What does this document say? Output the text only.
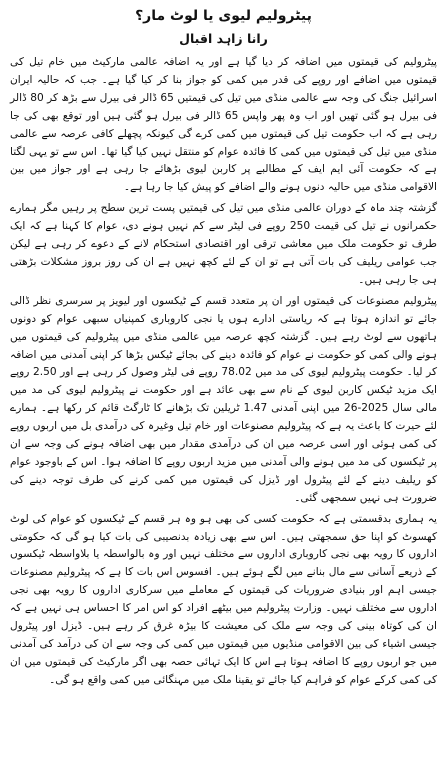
پیٹرولیم لیوی یا لوٹ مار؟
رانا زاہد اقبال

پیٹرولیم کی قیمتوں میں اضافہ کر دیا گیا ہے اور یہ اضافہ عالمی مارکیٹ میں خام تیل کی قیمتوں میں اضافے اور روپے کی قدر میں کمی کو جواز بنا کر کیا گیا ہے۔ جب کہ حالیہ ایران اسرائیل جنگ کی وجہ سے عالمی منڈی میں تیل کی قیمتیں 65 ڈالر فی بیرل سے بڑھ کر 80 ڈالر فی بیرل ہو گئی تھیں اور اب وہ پھر واپس 65 ڈالر فی بیرل ہو گئی ہیں اور توقع بھی کی جا رہی ہے کہ اب حکومت تیل کی قیمتوں میں کمی کرے گی کیونکہ پچھلے کافی عرصہ سے عالمی منڈی میں تیل کی قیمتوں میں کمی کا فائدہ عوام کو منتقل نہیں کیا گیا تھا۔ اس سے تو یہی لگتا ہے کہ حکومت آئی ایم ایف کے مطالبے پر کاربن لیوی بڑھائے جا رہی ہے اور جواز میں بین الاقوامی منڈی میں حالیہ دنوں ہونے والے اضافے کو پیش کیا جا رہا ہے۔

گزشتہ چند ماہ کے دوران عالمی منڈی میں تیل کی قیمتیں پست ترین سطح پر رہیں مگر ہمارے حکمرانوں نے تیل کی قیمت 250 روپے فی لیٹر سے کم نہیں ہونے دی، عوام کا کہنا ہے کہ ایک طرف تو حکومت ملک میں معاشی ترقی اور اقتصادی استحکام لانے کے دعوے کر رہی ہے لیکن جب عوامی ریلیف کی بات آتی ہے تو ان کے لئے کچھ نہیں ہے ان کی روز بروز مشکلات بڑھتی ہی جا رہی ہیں۔

پیٹرولیم مصنوعات کی قیمتوں اور ان پر متعدد قسم کے ٹیکسوں اور لیویز پر سرسری نظر ڈالی جائے تو اندازہ ہوتا ہے کہ ریاستی ادارے ہوں یا نجی کاروباری کمپنیاں سبھی عوام کو دونوں ہاتھوں سے لوٹ رہے ہیں۔ گزشتہ کچھ عرصہ میں عالمی منڈی میں پیٹرولیم کی قیمتوں میں ہونے والی کمی کو حکومت نے عوام کو فائدہ دینے کی بجائے ٹیکس بڑھا کر اپنی آمدنی میں اضافہ کر لیا۔ حکومت پیٹرولیم لیوی کی مد میں 78.02 روپے فی لیٹر وصول کر رہی ہے اور 2.50 روپے ایک مزید ٹیکس کاربن لیوی کے نام سے بھی عائد ہے اور حکومت نے پیٹرولیم لیوی کی مد میں مالی سال 2025-26 میں اپنی آمدنی 1.47 ٹریلین تک بڑھانے کا ٹارگٹ قائم کر رکھا ہے۔ ہمارے لئے حیرت کا باعث یہ ہے کہ پیٹرولیم مصنوعات اور خام تیل وغیرہ کی درآمدی بل میں اربوں روپے کی کمی ہوئی اور اسی عرصہ میں ان کی درآمدی مقدار میں بھی اضافہ ہونے کی وجہ سے ان پر ٹیکسوں کی مد میں ہونے والی آمدنی میں مزید اربوں روپے کا اضافہ ہوا۔ اس کے باوجود عوام کو ریلیف دینے کے لئے پیٹرول اور ڈیزل کی قیمتوں میں کمی کرنے کی طرف توجہ دینے کی ضرورت ہی نہیں سمجھی گئی۔

یہ ہماری بدقسمتی ہے کہ حکومت کسی کی بھی ہو وہ ہر قسم کے ٹیکسوں کو عوام کی لوٹ کھسوٹ کو اپنا حق سمجھتی ہیں۔ اس سے بھی زیادہ بدنصیبی کی بات کیا ہو گی کہ حکومتی اداروں کا رویہ بھی نجی کاروباری اداروں سے مختلف نہیں اور وہ بالواسطہ یا بلاواسطہ ٹیکسوں کے ذریعے آسانی سے مال بنانے میں لگے ہوئے ہیں۔ افسوس اس بات کا ہے کہ پیٹرولیم مصنوعات جیسی اہم اور بنیادی ضروریات کی قیمتوں کے معاملے میں سرکاری اداروں کا رویہ بھی نجی اداروں سے مختلف نہیں۔ وزارت پیٹرولیم میں بیٹھے افراد کو اس امر کا احساس ہی نہیں ہے کہ ان کی کوتاہ بینی کی وجہ سے ملک کی معیشت کا بیڑہ غرق کر رہے ہیں۔ ڈیزل اور پیٹرول جیسی اشیاء کی بین الاقوامی منڈیوں میں قیمتوں میں کمی کی وجہ سے ان کی درآمد کی آمدنی میں جو اربوں روپے کا اضافہ ہوتا ہے اس کا ایک تہائی حصہ بھی اگر مارکیٹ کی قیمتوں میں ان کی کمی کرکے عوام کو فراہم کیا جائے تو یقینا ملک میں مہنگائی میں کمی واقع ہو گی۔
